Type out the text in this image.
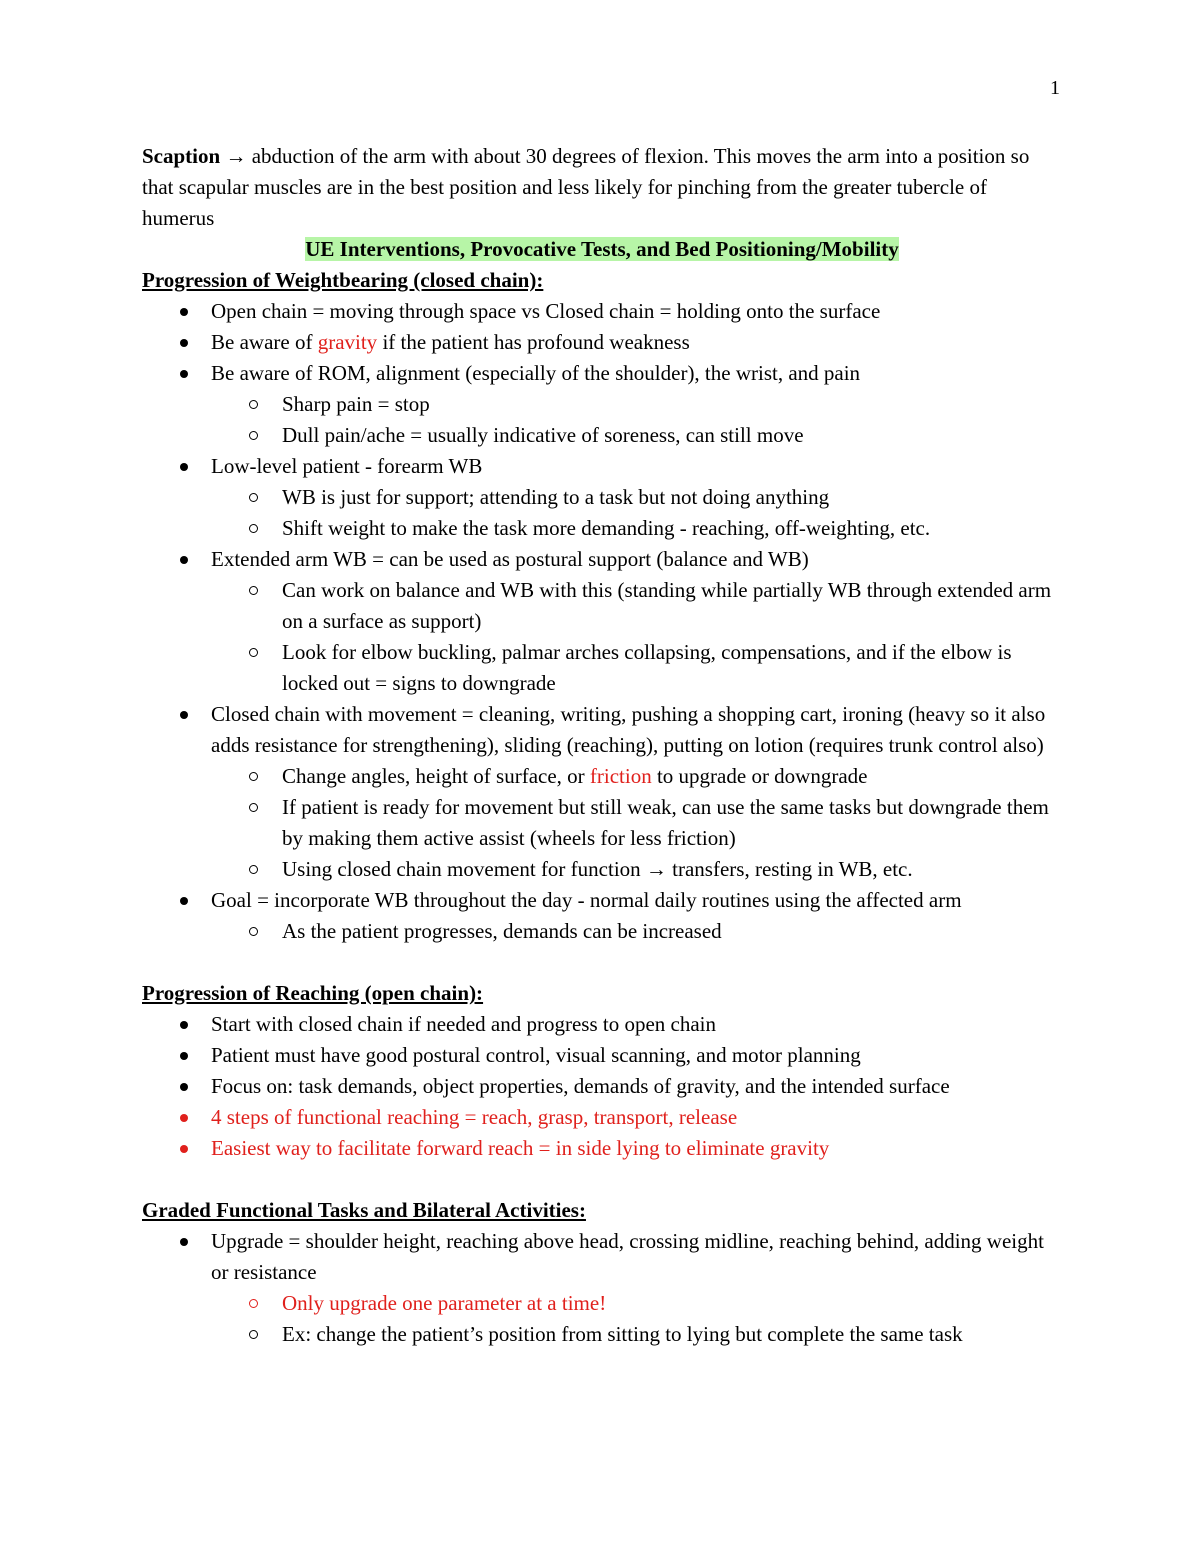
1

Scaption → abduction of the arm with about 30 degrees of flexion. This moves the arm into a position so that scapular muscles are in the best position and less likely for pinching from the greater tubercle of humerus

UE Interventions, Provocative Tests, and Bed Positioning/Mobility

Progression of Weightbearing (closed chain):

Open chain = moving through space vs Closed chain = holding onto the surface
Be aware of gravity if the patient has profound weakness
Be aware of ROM, alignment (especially of the shoulder), the wrist, and pain
Sharp pain = stop
Dull pain/ache = usually indicative of soreness, can still move
Low-level patient - forearm WB
WB is just for support; attending to a task but not doing anything
Shift weight to make the task more demanding - reaching, off-weighting, etc.
Extended arm WB = can be used as postural support (balance and WB)
Can work on balance and WB with this (standing while partially WB through extended arm on a surface as support)
Look for elbow buckling, palmar arches collapsing, compensations, and if the elbow is locked out = signs to downgrade
Closed chain with movement = cleaning, writing, pushing a shopping cart, ironing (heavy so it also adds resistance for strengthening), sliding (reaching), putting on lotion (requires trunk control also)
Change angles, height of surface, or friction to upgrade or downgrade
If patient is ready for movement but still weak, can use the same tasks but downgrade them by making them active assist (wheels for less friction)
Using closed chain movement for function → transfers, resting in WB, etc.
Goal = incorporate WB throughout the day - normal daily routines using the affected arm
As the patient progresses, demands can be increased

Progression of Reaching (open chain):

Start with closed chain if needed and progress to open chain
Patient must have good postural control, visual scanning, and motor planning
Focus on: task demands, object properties, demands of gravity, and the intended surface
4 steps of functional reaching = reach, grasp, transport, release
Easiest way to facilitate forward reach = in side lying to eliminate gravity

Graded Functional Tasks and Bilateral Activities:

Upgrade = shoulder height, reaching above head, crossing midline, reaching behind, adding weight or resistance
Only upgrade one parameter at a time!
Ex: change the patient’s position from sitting to lying but complete the same task
